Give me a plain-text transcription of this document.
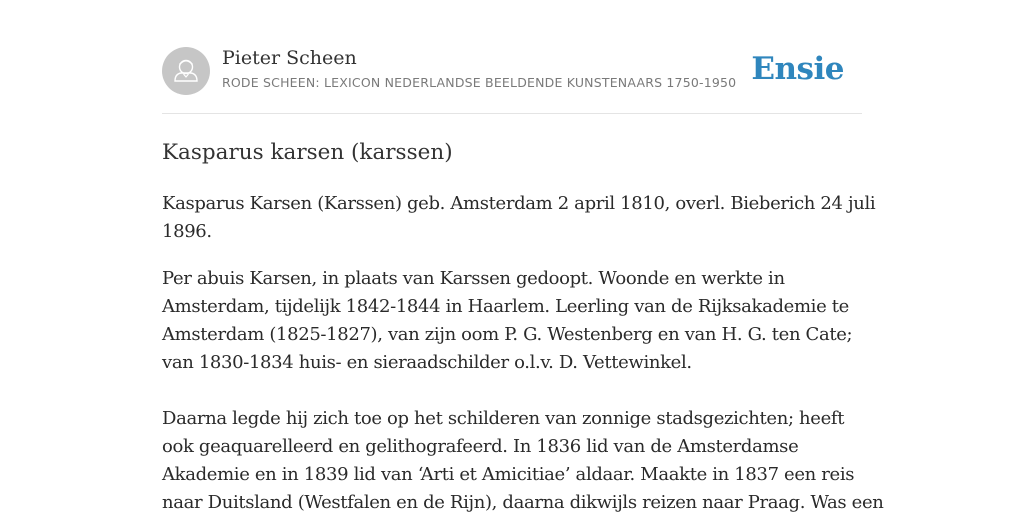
Pieter Scheen
RODE SCHEEN: LEXICON NEDERLANDSE BEELDENDE KUNSTENAARS 1750-1950 Ensie
Kasparus karsen (karssen)

Kasparus Karsen (Karssen) geb. Amsterdam 2 april 1810, overl. Bieberich 24 juli
1896.

Per abuis Karsen, in plaats van Karssen gedoopt. Woonde en werkte in
Amsterdam, tijdelijk 1842-1844 in Haarlem. Leerling van de Rijksakademie te
Amsterdam (1825-1827), van zijn oom P. G. Westenberg en van H. G. ten Cate;
van 1830-1834 huis- en sieraadschilder o.l.v. D. Vettewinkel.

Daarna legde hij zich toe op het schilderen van zonnige stadsgezichten; heeft
ook geaquarelleerd en gelithografeerd. In 1836 lid van de Amsterdamse
Akademie en in 1839 lid van ‘Arti et Amicitiae’ aldaar. Maakte in 1837 een reis
naar Duitsland (Westfalen en de Rijn), daarna dikwijls reizen naar Praag. Was een
